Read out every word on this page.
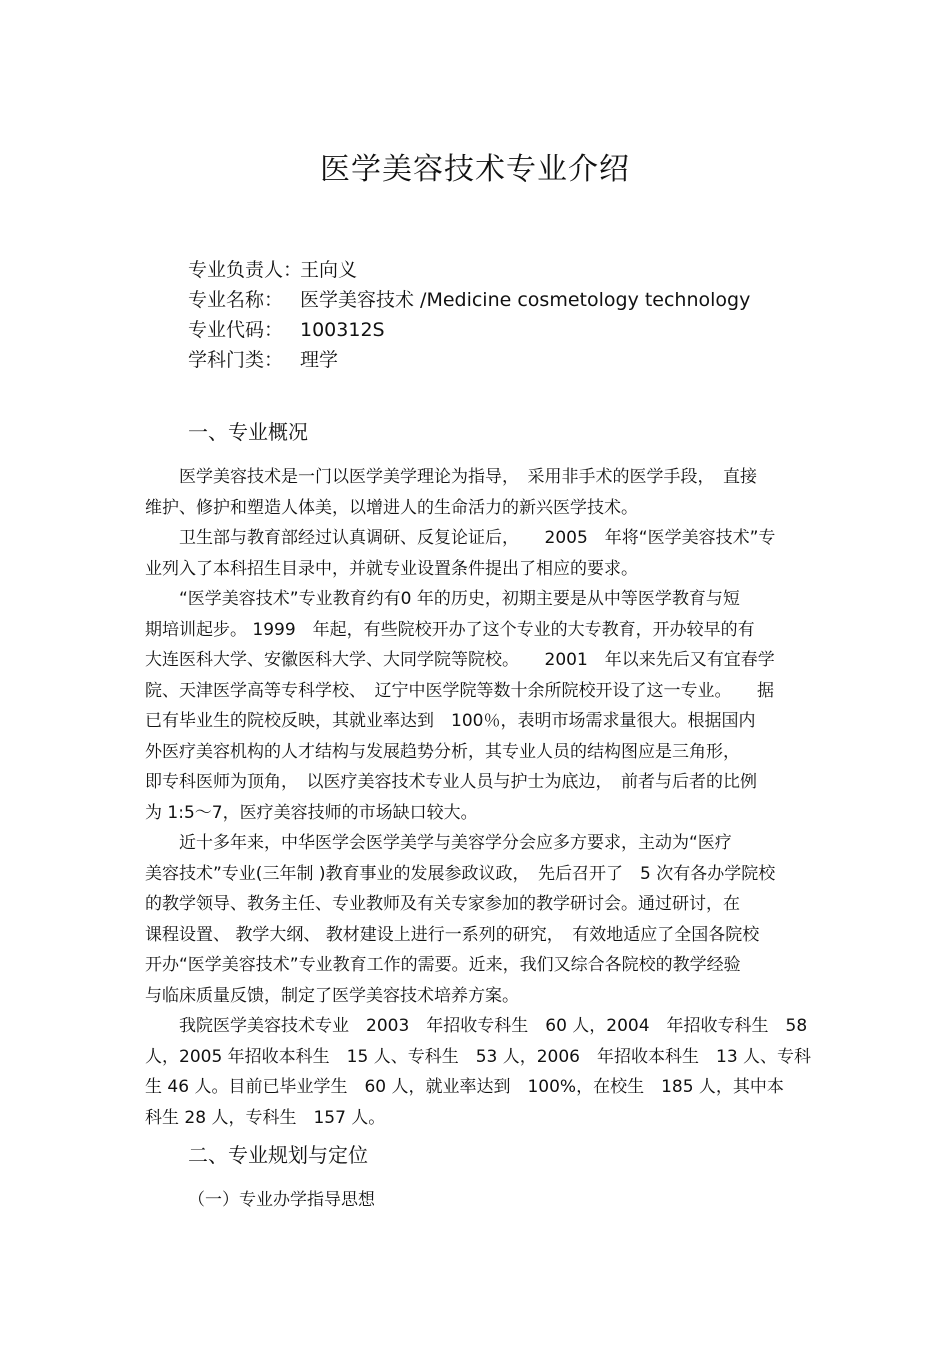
医学美容技术专业介绍
专业负责人：王向义
专业名称： 医学美容技术 /Medicine cosmetology technology
专业代码： 100312S
学科门类： 理学
一、专业概况
　　医学美容技术是一门以医学美学理论为指导，　采用非手术的医学手段，　直接
维护、修护和塑造人体美，以增进人的生命活力的新兴医学技术。
　　卫生部与教育部经过认真调研、反复论证后，　　2005　年将“医学美容技术”专
业列入了本科招生目录中，并就专业设置条件提出了相应的要求。
　　“医学美容技术”专业教育约有0 年的历史，初期主要是从中等医学教育与短
期培训起步。 1999　年起，有些院校开办了这个专业的大专教育，开办较早的有
大连医科大学、安徽医科大学、大同学院等院校。　　2001　年以来先后又有宜春学
院、天津医学高等专科学校、　辽宁中医学院等数十余所院校开设了这一专业。　　据
已有毕业生的院校反映，其就业率达到　100％，表明市场需求量很大。根据国内
外医疗美容机构的人才结构与发展趋势分析，其专业人员的结构图应是三角形，
即专科医师为顶角，　以医疗美容技术专业人员与护士为底边，　前者与后者的比例
为 1:5～7，医疗美容技师的市场缺口较大。
　　近十多年来，中华医学会医学美学与美容学分会应多方要求，主动为“医疗
美容技术”专业(三年制 )教育事业的发展参政议政，　先后召开了　5 次有各办学院校
的教学领导、教务主任、专业教师及有关专家参加的教学研讨会。通过研讨，在
课程设置、 教学大纲、 教材建设上进行一系列的研究，　有效地适应了全国各院校
开办“医学美容技术”专业教育工作的需要。近来，我们又综合各院校的教学经验
与临床质量反馈，制定了医学美容技术培养方案。
　　我院医学美容技术专业　2003　年招收专科生　60 人，2004　年招收专科生　58
人，2005 年招收本科生　15 人、专科生　53 人，2006　年招收本科生　13 人、专科
生 46 人。目前已毕业学生　60 人，就业率达到　100%，在校生　185 人，其中本
科生 28 人，专科生　157 人。
二、专业规划与定位
（一）专业办学指导思想
